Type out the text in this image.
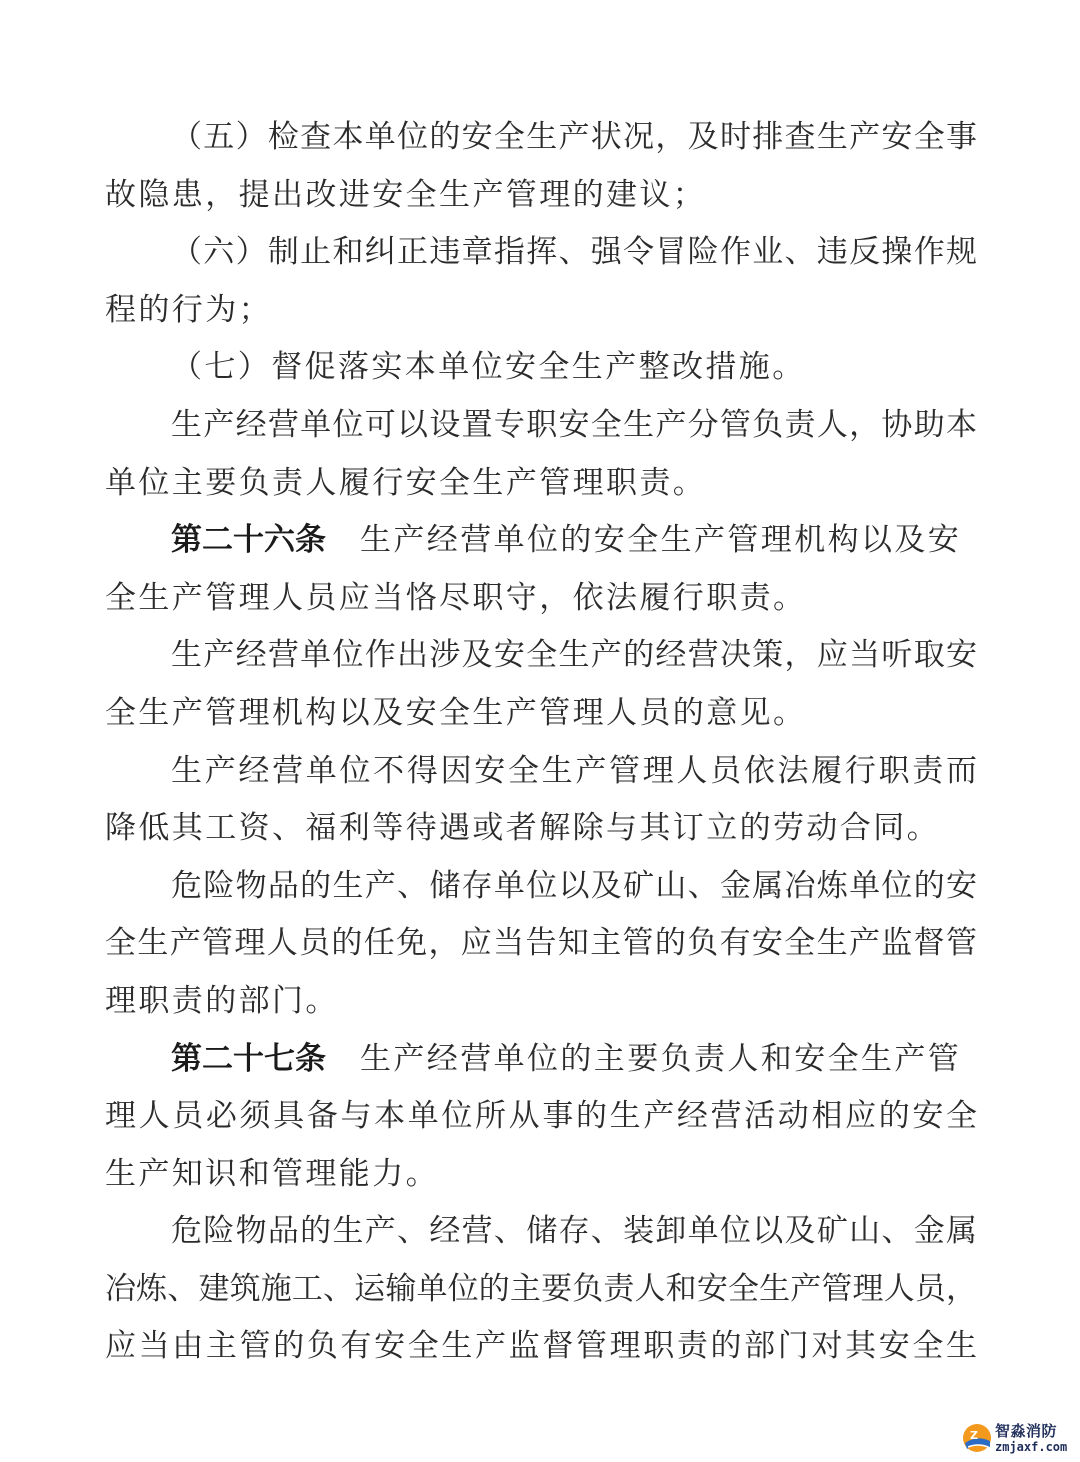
（五）检查本单位的安全生产状况，及时排查生产安全事
故隐患，提出改进安全生产管理的建议；
（六）制止和纠正违章指挥、强令冒险作业、违反操作规
程的行为；
（七）督促落实本单位安全生产整改措施。
生产经营单位可以设置专职安全生产分管负责人，协助本
单位主要负责人履行安全生产管理职责。
第二十六条 生产经营单位的安全生产管理机构以及安
全生产管理人员应当恪尽职守，依法履行职责。
生产经营单位作出涉及安全生产的经营决策，应当听取安
全生产管理机构以及安全生产管理人员的意见。
生产经营单位不得因安全生产管理人员依法履行职责而
降低其工资、福利等待遇或者解除与其订立的劳动合同。
危险物品的生产、储存单位以及矿山、金属冶炼单位的安
全生产管理人员的任免，应当告知主管的负有安全生产监督管
理职责的部门。
第二十七条 生产经营单位的主要负责人和安全生产管
理人员必须具备与本单位所从事的生产经营活动相应的安全
生产知识和管理能力。
危险物品的生产、经营、储存、装卸单位以及矿山、金属
冶炼、建筑施工、运输单位的主要负责人和安全生产管理人员，
应当由主管的负有安全生产监督管理职责的部门对其安全生
Z 智淼消防
zmjaxf.com
